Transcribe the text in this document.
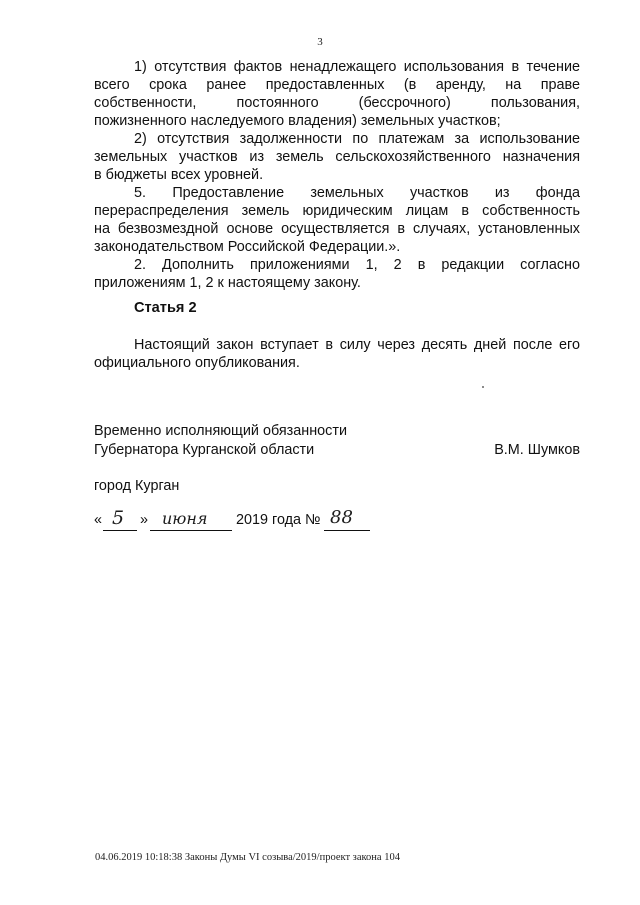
3
1) отсутствия фактов ненадлежащего использования в течение
всего срока ранее предоставленных (в аренду, на праве
собственности, постоянного (бессрочного) пользования,
пожизненного наследуемого владения) земельных участков;
2) отсутствия задолженности по платежам за использование
земельных участков из земель сельскохозяйственного назначения
в бюджеты всех уровней.
5. Предоставление земельных участков из фонда
перераспределения земель юридическим лицам в собственность
на безвозмездной основе осуществляется в случаях, установленных
законодательством Российской Федерации.».
2. Дополнить приложениями 1, 2 в редакции согласно
приложениям 1, 2 к настоящему закону.
Статья 2
Настоящий закон вступает в силу через десять дней после его
официального опубликования.
Временно исполняющий обязанности
Губернатора Курганской области	В.М. Шумков
город Курган
« 5 » июня 2019 года № 88
04.06.2019 10:18:38 Законы Думы VI созыва/2019/проект закона 104
